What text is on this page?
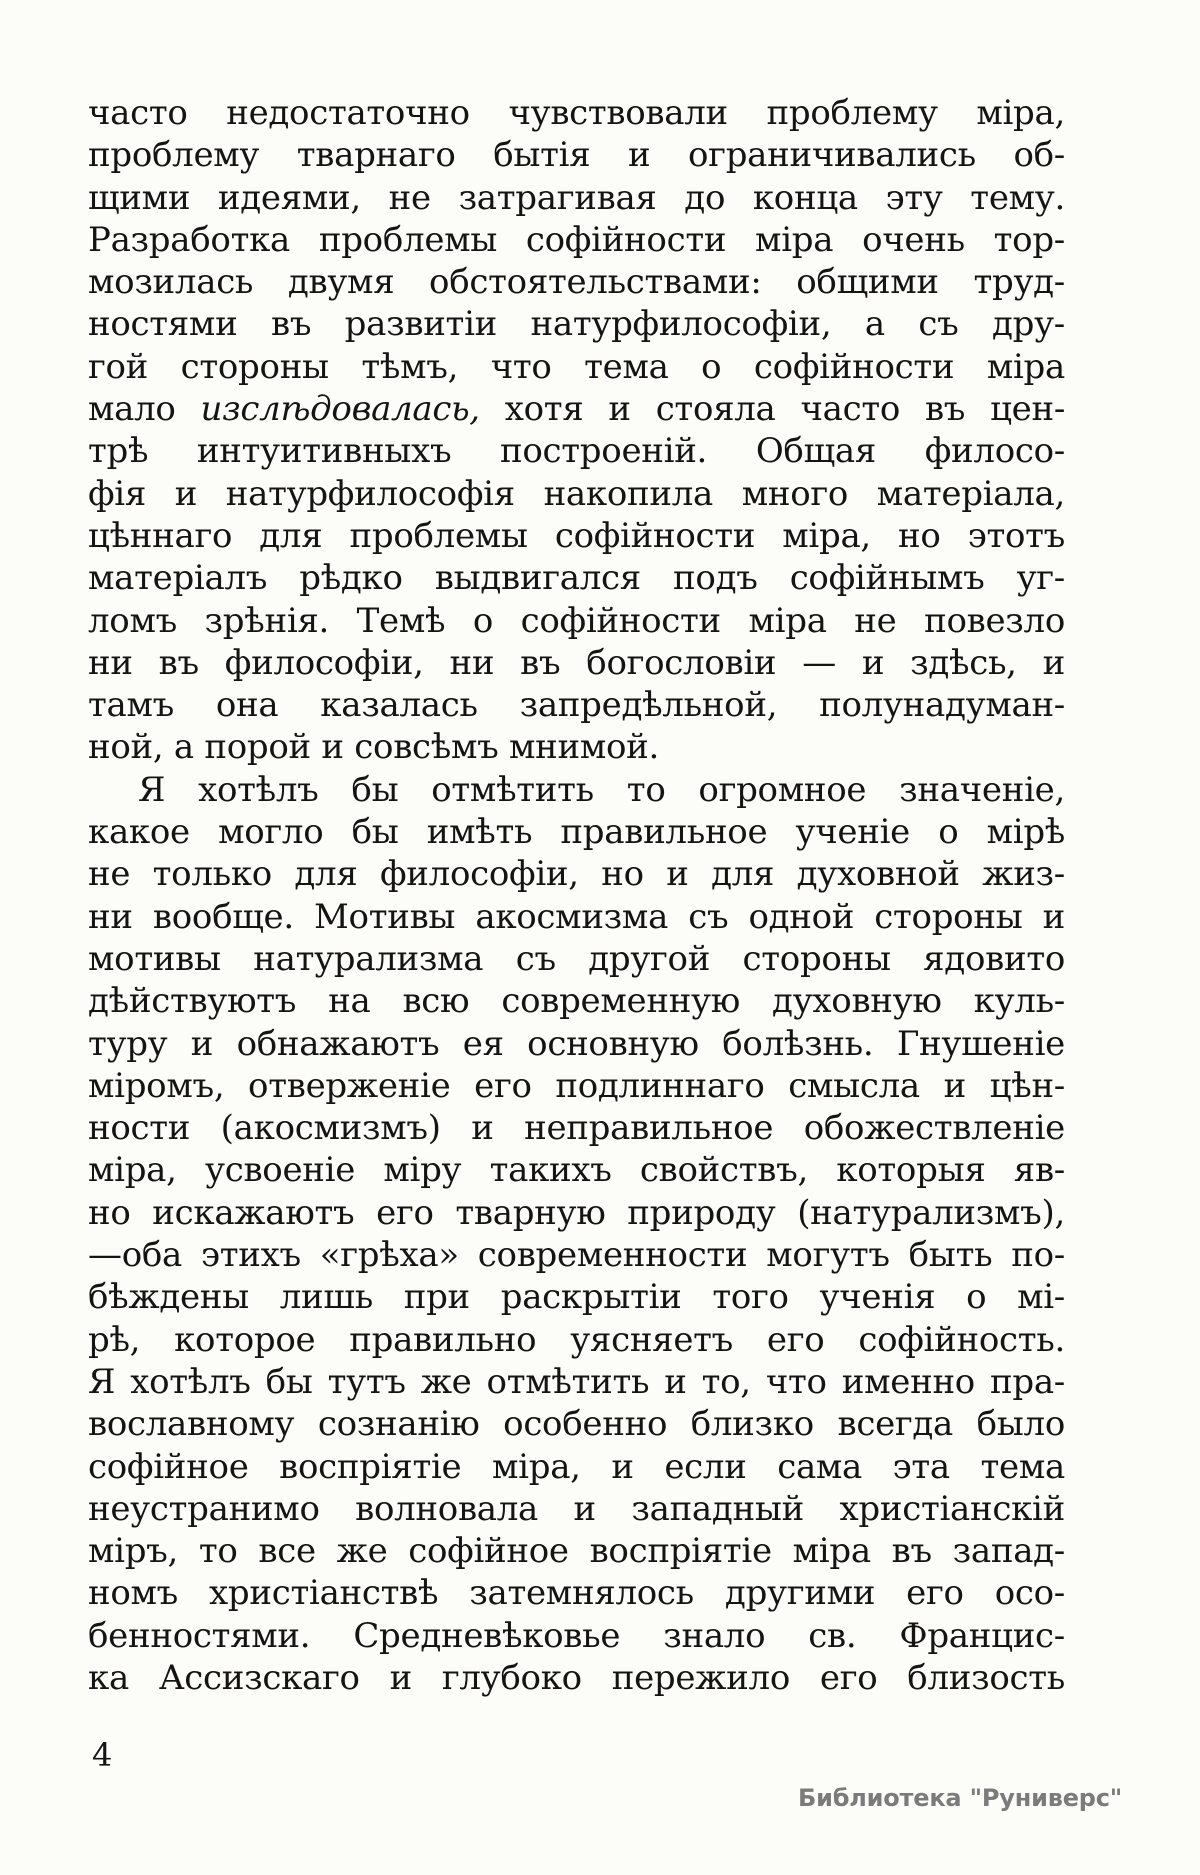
часто недостаточно чувствовали проблему міра,
проблему тварнаго бытія и ограничивались об-
щими идеями, не затрагивая до конца эту тему.
Разработка проблемы софійности міра очень тор-
мозилась двумя обстоятельствами: общими труд-
ностями въ развитіи натурфилософіи, а съ дру-
гой стороны тѣмъ, что тема о софійности міра
мало изслѣдовалась, хотя и стояла часто въ цен-
трѣ интуитивныхъ построеній. Общая филосо-
фія и натурфилософія накопила много матеріала,
цѣннаго для проблемы софійности міра, но этотъ
матеріалъ рѣдко выдвигался подъ софійнымъ уг-
ломъ зрѣнія. Темѣ о софійности міра не повезло
ни въ философіи, ни въ богословіи — и здѣсь, и
тамъ она казалась запредѣльной, полунадуман-
ной, а порой и совсѣмъ мнимой.
Я хотѣлъ бы отмѣтить то огромное значеніе,
какое могло бы имѣть правильное ученіе о мірѣ
не только для философіи, но и для духовной жиз-
ни вообще. Мотивы акосмизма съ одной стороны и
мотивы натурализма съ другой стороны ядовито
дѣйствуютъ на всю современную духовную куль-
туру и обнажаютъ ея основную болѣзнь. Гнушеніе
міромъ, отверженіе его подлиннаго смысла и цѣн-
ности (акосмизмъ) и неправильное обожествленіе
міра, усвоеніе міру такихъ свойствъ, которыя яв-
но искажаютъ его тварную природу (натурализмъ),
—оба этихъ «грѣха» современности могутъ быть по-
бѣждены лишь при раскрытіи того ученія о мі-
рѣ, которое правильно уясняетъ его софійность.
Я хотѣлъ бы тутъ же отмѣтить и то, что именно пра-
вославному сознанію особенно близко всегда было
софійное воспріятіе міра, и если сама эта тема
неустранимо волновала и западный христіанскій
міръ, то все же софійное воспріятіе міра въ запад-
номъ христіанствѣ затемнялось другими его осо-
бенностями. Средневѣковье знало св. Францис-
ка Ассизскаго и глубоко пережило его близость
4
Библиотека "Руниверс"
